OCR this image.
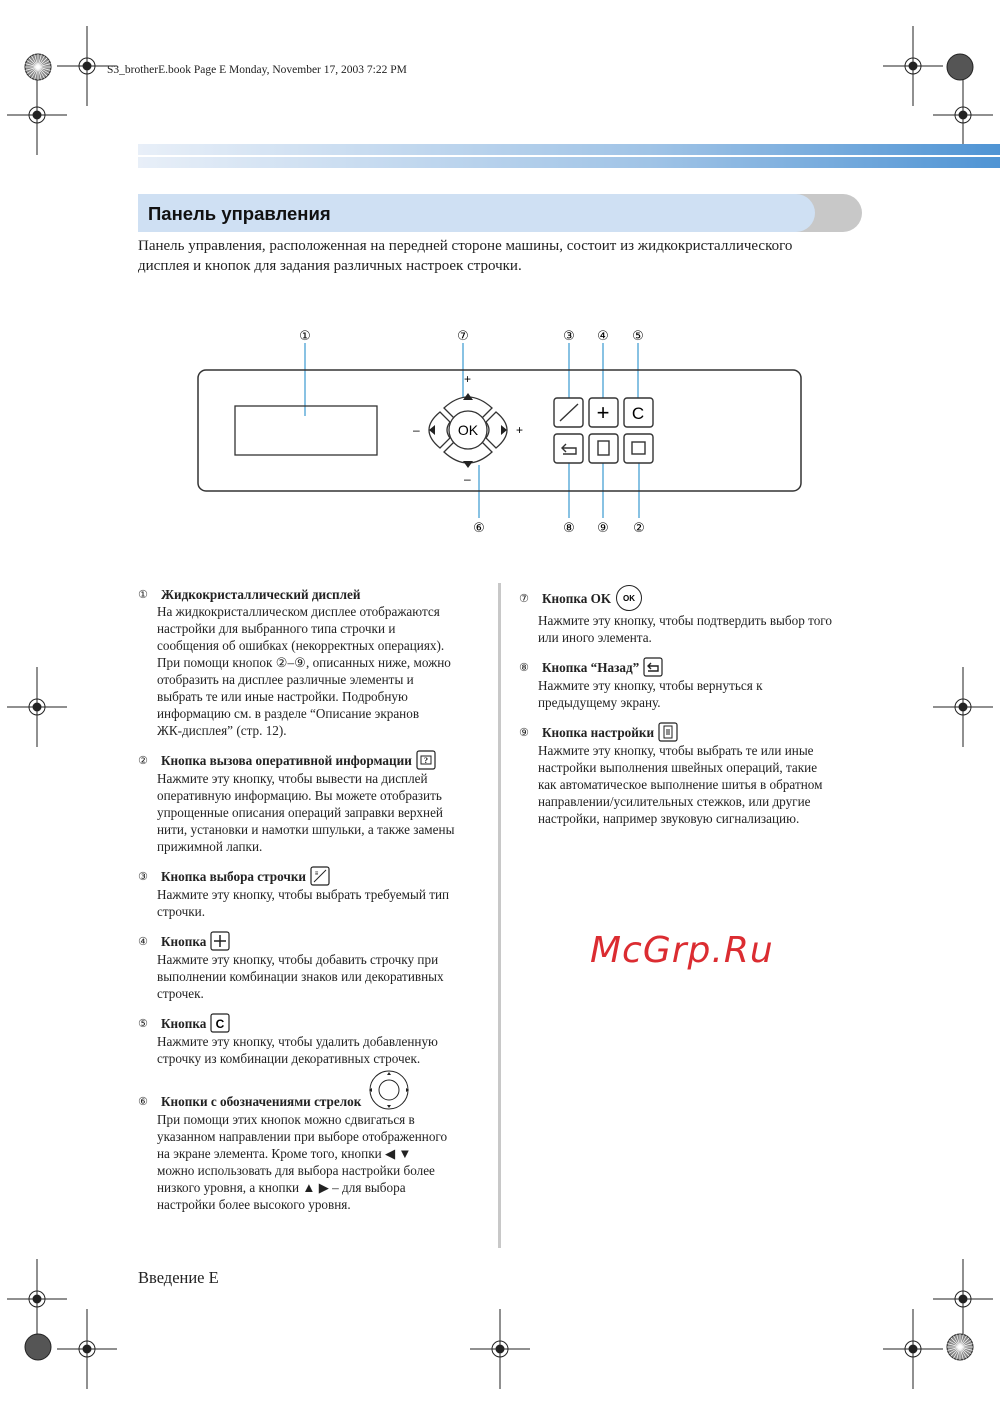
S3_brotherE.book Page E Monday, November 17, 2003 7:22 PM
Панель управления
Панель управления, расположенная на передней стороне машины, состоит из жидкокристаллического
дисплея и кнопок для задания различных настроек строчки.
OK
+
+
–
–
+ C
①	⑦	③ ④ ⑤
⑥	⑧ ⑨ ②
① Жидкокристаллический дисплей
На жидкокристаллическом дисплее отображаются
настройки для выбранного типа строчки и
сообщения об ошибках (некорректных операциях).
При помощи кнопок ②–⑨, описанных ниже, можно
отобразить на дисплее различные элементы и
выбрать те или иные настройки. Подробную
информацию см. в разделе “Описание экранов
ЖК-дисплея” (стр. 12).
② Кнопка вызова оперативной информации ?
Нажмите эту кнопку, чтобы вывести на дисплей
оперативную информацию. Вы можете отобразить
упрощенные описания операций заправки верхней
нити, установки и намотки шпульки, а также замены
прижимной лапки.
③ Кнопка выбора строчки ≡
Нажмите эту кнопку, чтобы выбрать требуемый тип
строчки.
④ Кнопка
Нажмите эту кнопку, чтобы добавить строчку при
выполнении комбинации знаков или декоративных
строчек.
⑤ Кнопка C
Нажмите эту кнопку, чтобы удалить добавленную
строчку из комбинации декоративных строчек.
⑥ Кнопки с обозначениями стрелок
При помощи этих кнопок можно сдвигаться в
указанном направлении при выборе отображенного
на экране элемента. Кроме того, кнопки ◀ ▼
можно использовать для выбора настройки более
низкого уровня, а кнопки ▲ ▶ – для выбора
настройки более высокого уровня.
⑦ Кнопка OK OK
Нажмите эту кнопку, чтобы подтвердить выбор того
или иного элемента.
⑧ Кнопка “Назад”
Нажмите эту кнопку, чтобы вернуться к
предыдущему экрану.
⑨ Кнопка настройки
Нажмите эту кнопку, чтобы выбрать те или иные
настройки выполнения швейных операций, такие
как автоматическое выполнение шитья в обратном
направлении/усилительных стежков, или другие
настройки, например звуковую сигнализацию.
Введение E
McGrp.Ru
